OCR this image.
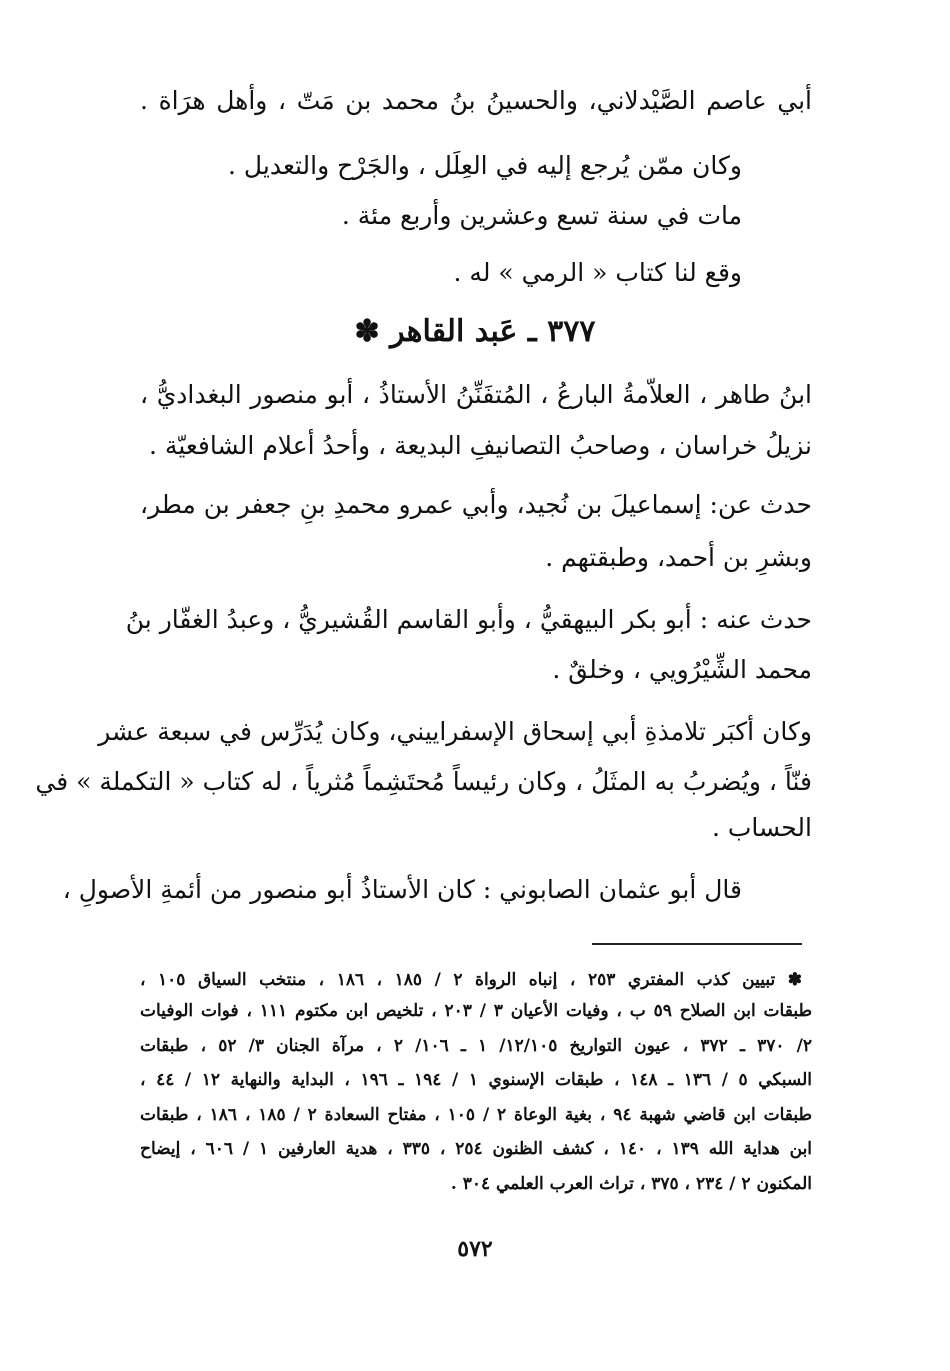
أبي عاصم الصَّيْدلاني، والحسينُ بنُ محمد بن مَتّ ، وأهل هرَاة .

وكان ممّن يُرجع إليه في العِلَل ، والجَرْح والتعديل .

مات في سنة تسع وعشرين وأربع مئة .

وقع لنا كتاب « الرمي » له .

٣٧٧ ـ عَبد القاهر ✽

ابنُ طاهر ، العلاّمةُ البارعُ ، المُتفَنِّنُ الأستاذُ ، أبو منصور البغداديُّ ،

نزيلُ خراسان ، وصاحبُ التصانيفِ البديعة ، وأحدُ أعلام الشافعيّة .

حدث عن: إسماعيلَ بن نُجيد، وأبي عمرو محمدِ بنِ جعفر بن مطر،

وبشرِ بن أحمد، وطبقتهم .

حدث عنه : أبو بكر البيهقيُّ ، وأبو القاسم القُشيريُّ ، وعبدُ الغفّار بنُ

محمد الشِّيْرُويي ، وخلقٌ .

وكان أكبَر تلامذةِ أبي إسحاق الإسفراييني، وكان يُدَرِّس في سبعة عشر

فنّاً ، ويُضربُ به المثَلُ ، وكان رئيساً مُحتَشِماً مُثرياً ، له كتاب « التكملة » في

الحساب .

قال أبو عثمان الصابوني : كان الأستاذُ أبو منصور من أئمةِ الأصولِ ،

✽ تبيين كذب المفتري ٢٥٣ ، إنباه الرواة ٢ / ١٨٥ ، ١٨٦ ، منتخب السياق ١٠٥ ،
طبقات ابن الصلاح ٥٩ ب ، وفيات الأعيان ٣ / ٢٠٣ ، تلخيص ابن مكتوم ١١١ ، فوات الوفيات
٢/ ٣٧٠ ـ ٣٧٢ ، عيون التواريخ ١٢/١٠٥/ ١ ـ ١٠٦/ ٢ ، مرآة الجنان ٣/ ٥٢ ، طبقات
السبكي ٥ / ١٣٦ ـ ١٤٨ ، طبقات الإسنوي ١ / ١٩٤ ـ ١٩٦ ، البداية والنهاية ١٢ / ٤٤ ،
طبقات ابن قاضي شهبة ٩٤ ، بغية الوعاة ٢ / ١٠٥ ، مفتاح السعادة ٢ / ١٨٥ ، ١٨٦ ، طبقات
ابن هداية الله ١٣٩ ، ١٤٠ ، كشف الظنون ٢٥٤ ، ٣٣٥ ، هدية العارفين ١ / ٦٠٦ ، إيضاح
المكنون ٢ / ٢٣٤ ، ٣٧٥ ، تراث العرب العلمي ٣٠٤ .
٥٧٢
